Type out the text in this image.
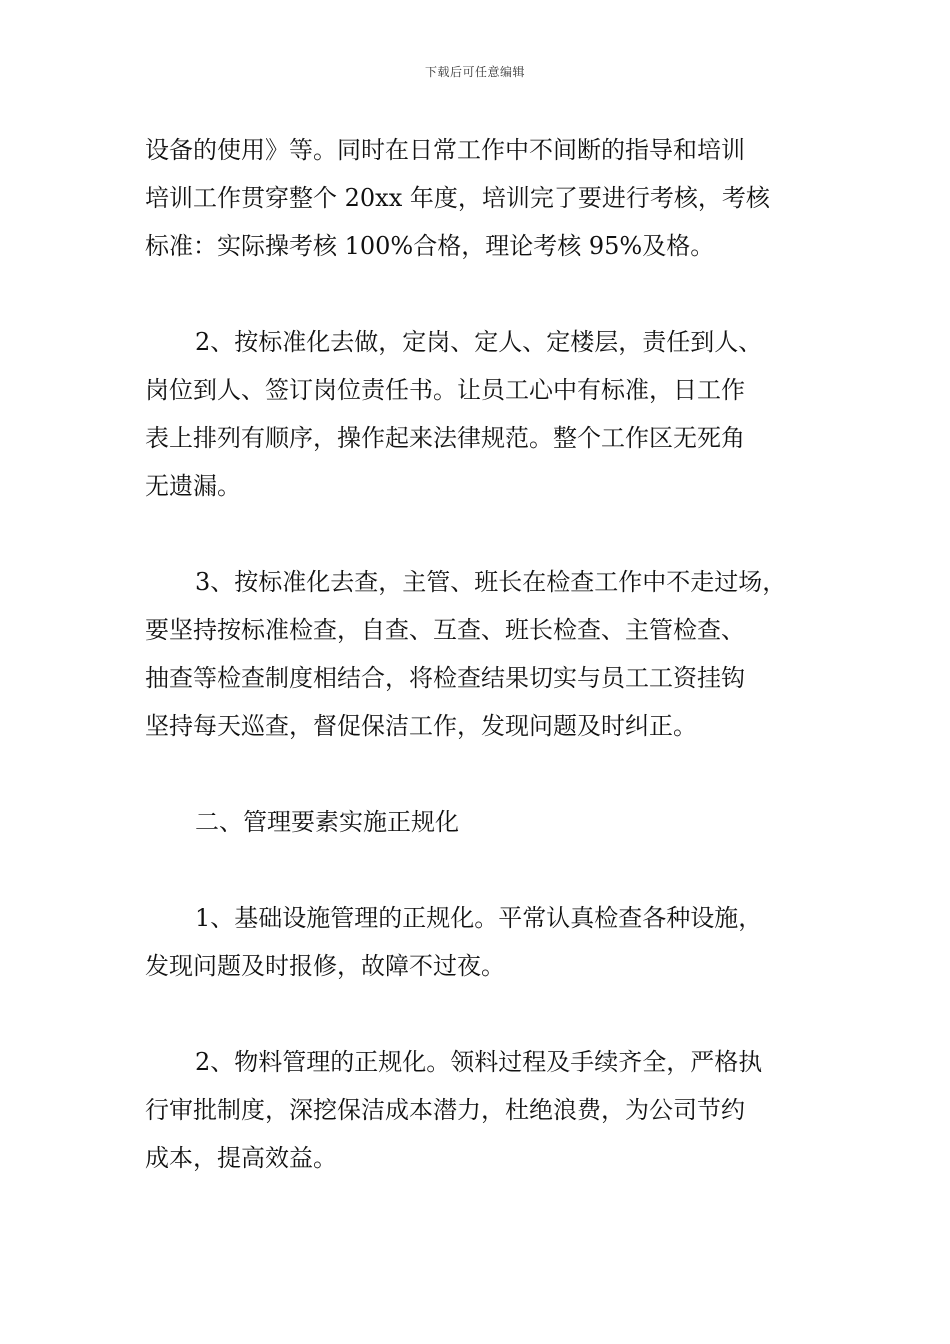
下载后可任意编辑
设备的使用》等。同时在日常工作中不间断的指导和培训
培训工作贯穿整个 20xx 年度，培训完了要进行考核，考核
标准：实际操考核 100%合格，理论考核 95%及格。
2、按标准化去做，定岗、定人、定楼层，责任到人、
岗位到人、签订岗位责任书。让员工心中有标准，日工作
表上排列有顺序，操作起来法律规范。整个工作区无死角
无遗漏。
3、按标准化去查，主管、班长在检查工作中不走过场，
要坚持按标准检查，自查、互查、班长检查、主管检查、
抽查等检查制度相结合，将检查结果切实与员工工资挂钩
坚持每天巡查，督促保洁工作，发现问题及时纠正。
二、管理要素实施正规化
1、基础设施管理的正规化。平常认真检查各种设施，
发现问题及时报修，故障不过夜。
2、物料管理的正规化。领料过程及手续齐全，严格执
行审批制度，深挖保洁成本潜力，杜绝浪费，为公司节约
成本，提高效益。
